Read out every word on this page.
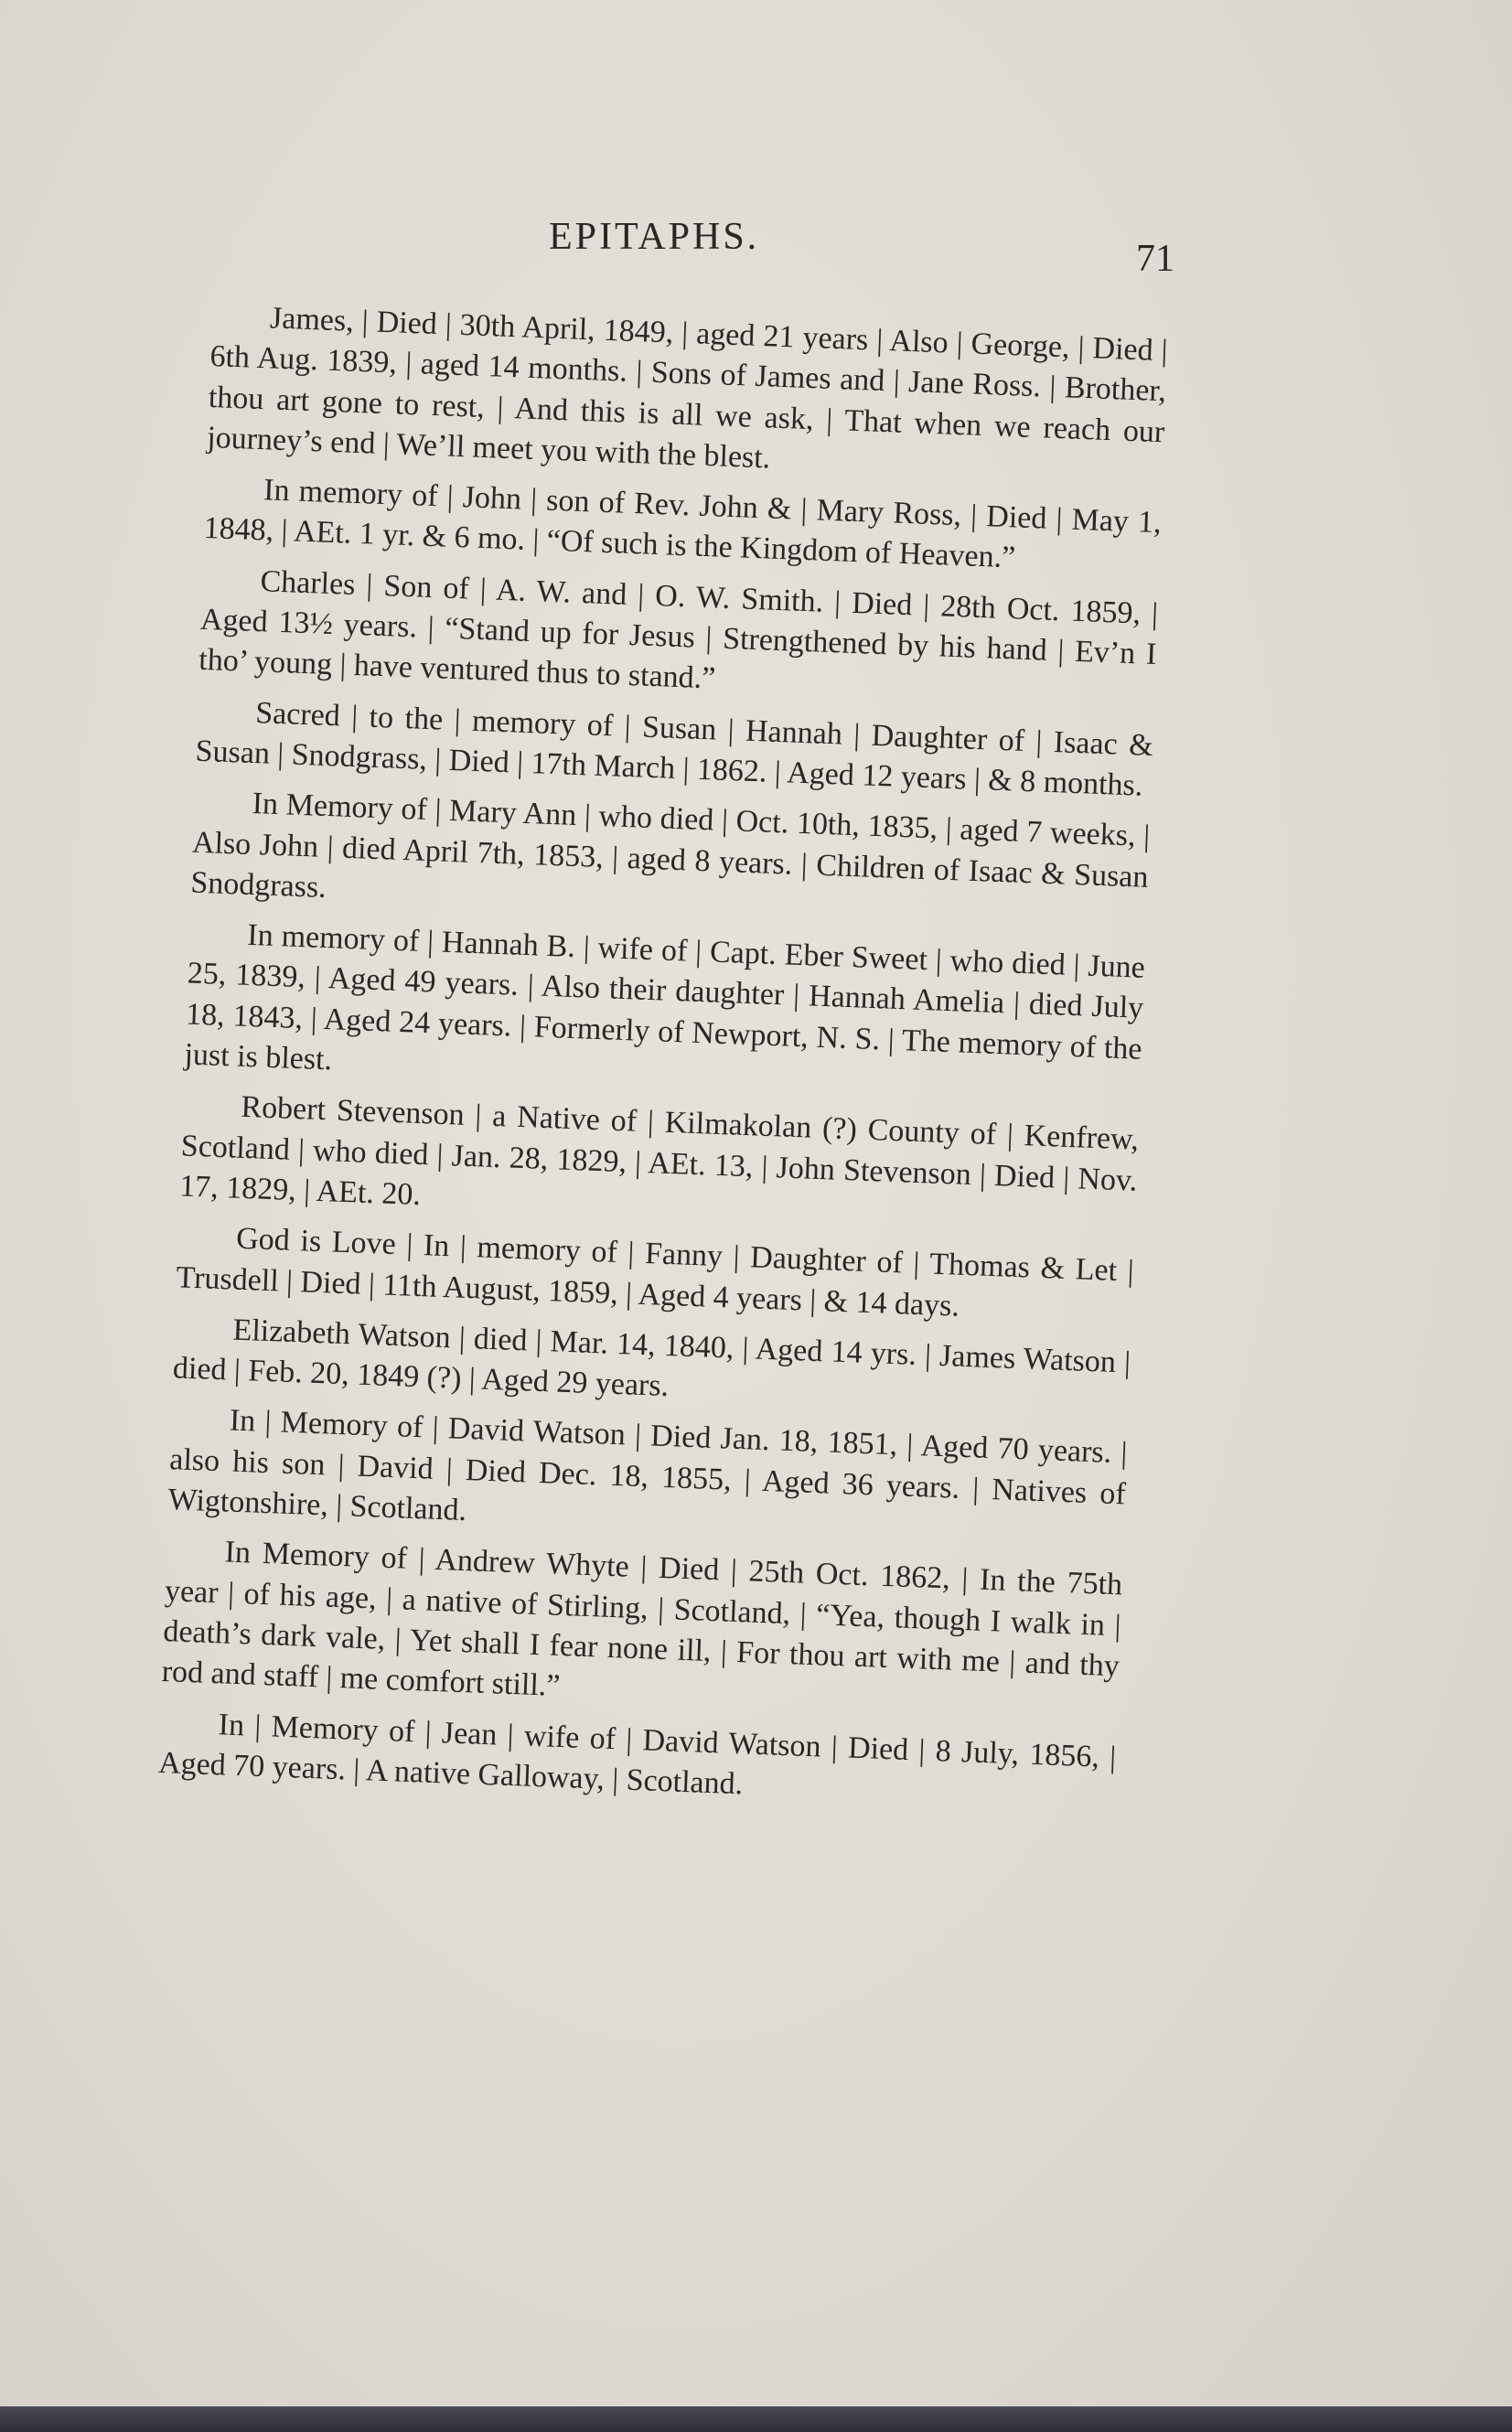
EPITAPHS.
71

James, | Died | 30th April, 1849, | aged 21 years | Also | George, | Died | 6th Aug. 1839, | aged 14 months. | Sons of James and | Jane Ross. | Brother, thou art gone to rest, | And this is all we ask, | That when we reach our journey’s end | We’ll meet you with the blest.

In memory of | John | son of Rev. John & | Mary Ross, | Died | May 1, 1848, | AEt. 1 yr. & 6 mo. | “Of such is the Kingdom of Heaven.”

Charles | Son of | A. W. and | O. W. Smith. | Died | 28th Oct. 1859, | Aged 13½ years. | “Stand up for Jesus | Strengthened by his hand | Ev’n I tho’ young | have ventured thus to stand.”

Sacred | to the | memory of | Susan | Hannah | Daughter of | Isaac & Susan | Snodgrass, | Died | 17th March | 1862. | Aged 12 years | & 8 months.

In Memory of | Mary Ann | who died | Oct. 10th, 1835, | aged 7 weeks, | Also John | died April 7th, 1853, | aged 8 years. | Children of Isaac & Susan Snodgrass.

In memory of | Hannah B. | wife of | Capt. Eber Sweet | who died | June 25, 1839, | Aged 49 years. | Also their daughter | Hannah Amelia | died July 18, 1843, | Aged 24 years. | Formerly of Newport, N. S. | The memory of the just is blest.

Robert Stevenson | a Native of | Kilmakolan (?) County of | Kenfrew, Scotland | who died | Jan. 28, 1829, | AEt. 13, | John Stevenson | Died | Nov. 17, 1829, | AEt. 20.

God is Love | In | memory of | Fanny | Daughter of | Thomas & Let | Trusdell | Died | 11th August, 1859, | Aged 4 years | & 14 days.

Elizabeth Watson | died | Mar. 14, 1840, | Aged 14 yrs. | James Watson | died | Feb. 20, 1849 (?) | Aged 29 years.

In | Memory of | David Watson | Died Jan. 18, 1851, | Aged 70 years. | also his son | David | Died Dec. 18, 1855, | Aged 36 years. | Natives of Wigtonshire, | Scotland.

In Memory of | Andrew Whyte | Died | 25th Oct. 1862, | In the 75th year | of his age, | a native of Stirling, | Scotland, | “Yea, though I walk in | death’s dark vale, | Yet shall I fear none ill, | For thou art with me | and thy rod and staff | me comfort still.”

In | Memory of | Jean | wife of | David Watson | Died | 8 July, 1856, | Aged 70 years. | A native Galloway, | Scotland.
